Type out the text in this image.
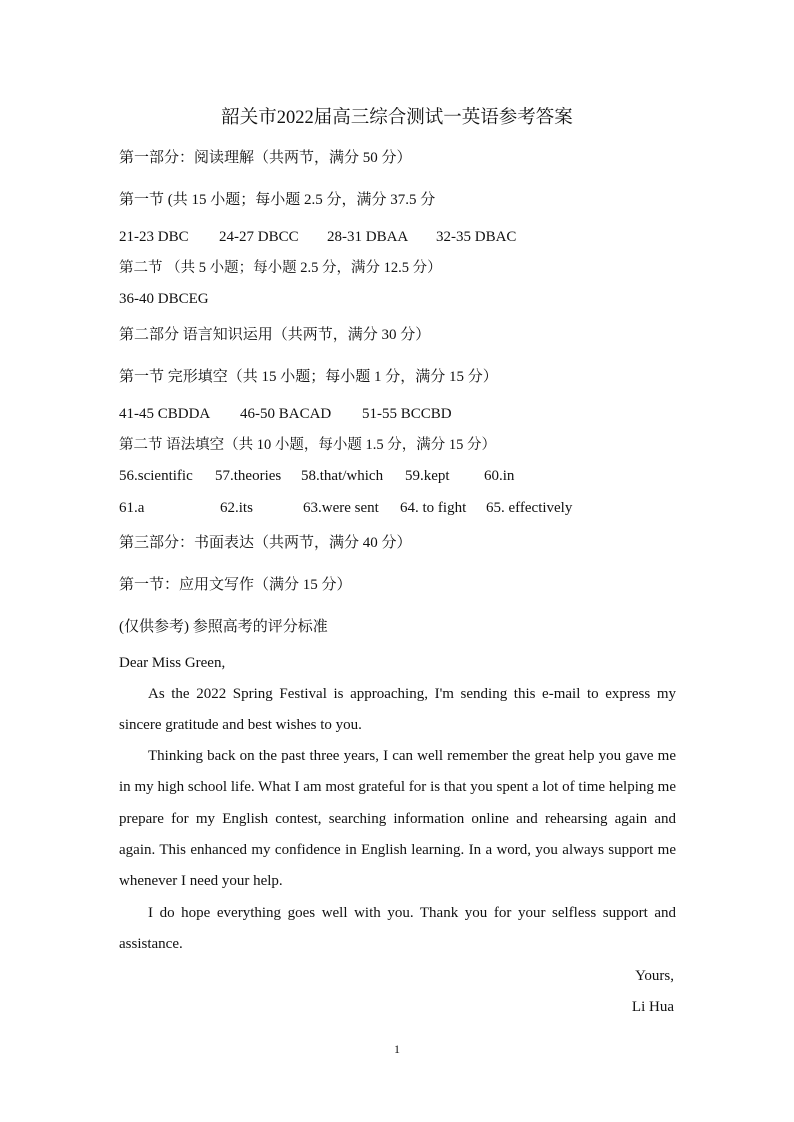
韶关市2022届高三综合测试一英语参考答案
第一部分：阅读理解（共两节，满分 50 分）
第一节 (共 15 小题；每小题 2.5 分，满分 37.5 分
21-23 DBC 24-27 DBCC 28-31 DBAA 32-35 DBAC
第二节 （共 5 小题；每小题 2.5 分，满分 12.5 分）
36-40 DBCEG
第二部分 语言知识运用（共两节，满分 30 分）
第一节 完形填空（共 15 小题；每小题 1 分，满分 15 分）
41-45 CBDDA 46-50 BACAD 51-55 BCCBD
第二节 语法填空（共 10 小题，每小题 1.5 分，满分 15 分）
56.scientific 57.theories 58.that/which 59.kept 60.in
61.a	62.its	63.were sent 64. to fight 65. effectively
第三部分：书面表达（共两节，满分 40 分）
第一节：应用文写作（满分 15 分）
(仅供参考) 参照高考的评分标准
Dear Miss Green,
As the 2022 Spring Festival is approaching, I'm sending this e-mail to express my sincere gratitude and best wishes to you.
Thinking back on the past three years, I can well remember the great help you gave me in my high school life. What I am most grateful for is that you spent a lot of time helping me prepare for my English contest, searching information online and rehearsing again and again. This enhanced my confidence in English learning. In a word, you always support me whenever I need your help.
I do hope everything goes well with you. Thank you for your selfless support and assistance.
Yours,
Li Hua
1
